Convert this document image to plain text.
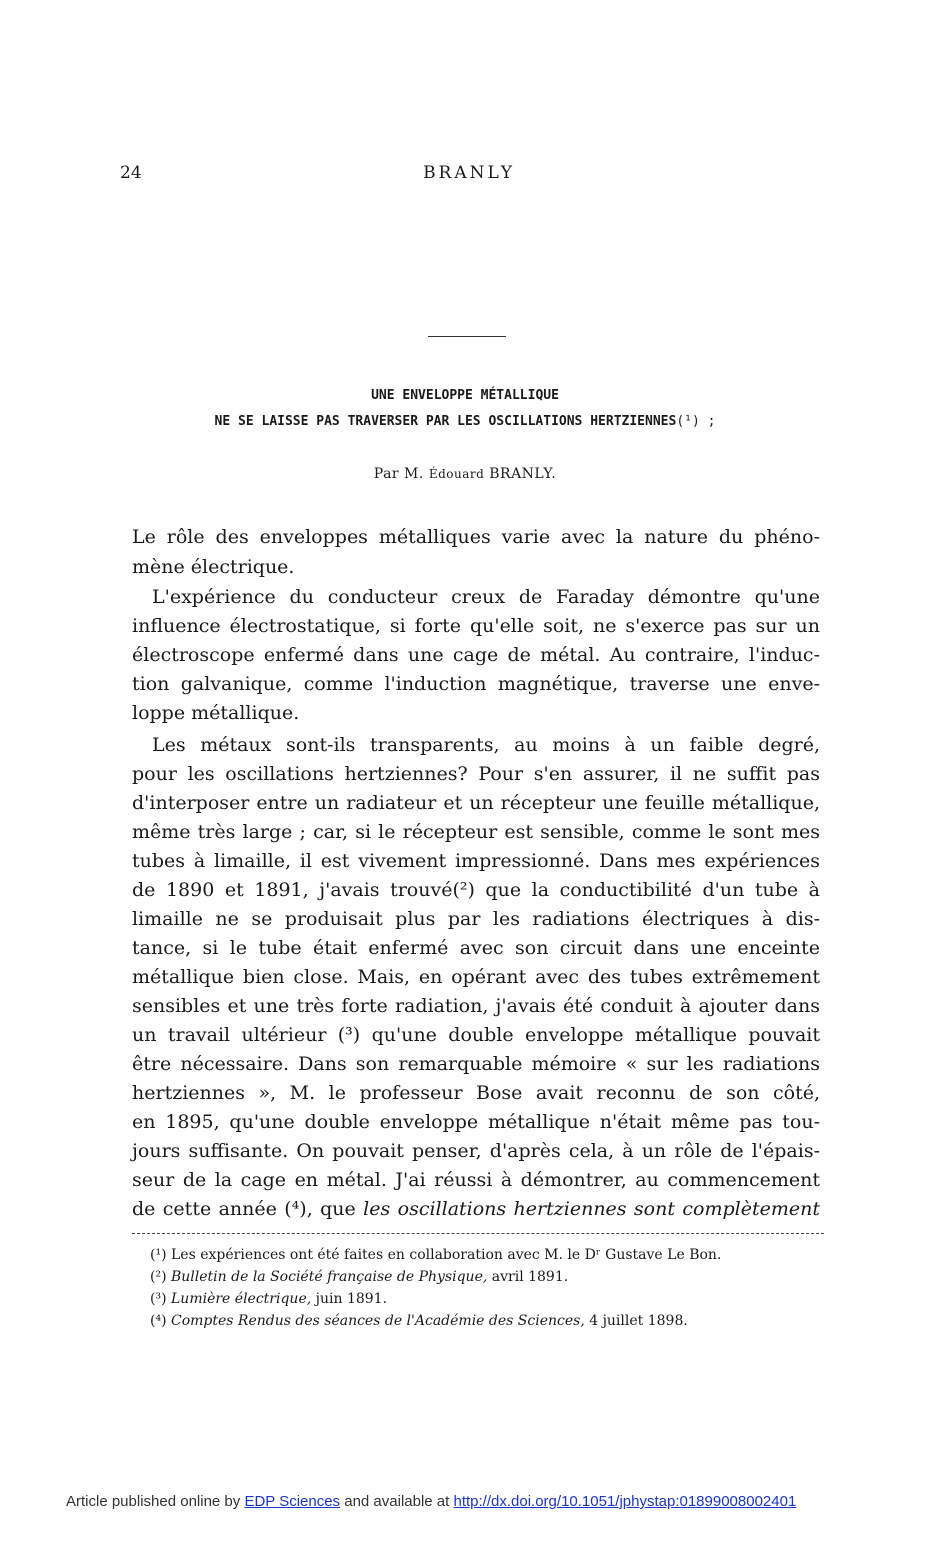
24	BRANLY
UNE ENVELOPPE MÉTALLIQUE
NE SE LAISSE PAS TRAVERSER PAR LES OSCILLATIONS HERTZIENNES(¹) ;
Par M. Édouard BRANLY.
Le rôle des enveloppes métalliques varie avec la nature du phéno-
mène électrique.
L'expérience du conducteur creux de Faraday démontre qu'une
influence électrostatique, si forte qu'elle soit, ne s'exerce pas sur un
électroscope enfermé dans une cage de métal. Au contraire, l'induc-
tion galvanique, comme l'induction magnétique, traverse une enve-
loppe métallique.
Les métaux sont-ils transparents, au moins à un faible degré,
pour les oscillations hertziennes? Pour s'en assurer, il ne suffit pas
d'interposer entre un radiateur et un récepteur une feuille métallique,
même très large ; car, si le récepteur est sensible, comme le sont mes
tubes à limaille, il est vivement impressionné. Dans mes expériences
de 1890 et 1891, j'avais trouvé(²) que la conductibilité d'un tube à
limaille ne se produisait plus par les radiations électriques à dis-
tance, si le tube était enfermé avec son circuit dans une enceinte
métallique bien close. Mais, en opérant avec des tubes extrêmement
sensibles et une très forte radiation, j'avais été conduit à ajouter dans
un travail ultérieur (³) qu'une double enveloppe métallique pouvait
être nécessaire. Dans son remarquable mémoire « sur les radiations
hertziennes », M. le professeur Bose avait reconnu de son côté,
en 1895, qu'une double enveloppe métallique n'était même pas tou-
jours suffisante. On pouvait penser, d'après cela, à un rôle de l'épais-
seur de la cage en métal. J'ai réussi à démontrer, au commencement
de cette année (⁴), que les oscillations hertziennes sont complètement
(¹) Les expériences ont été faites en collaboration avec M. le Dʳ Gustave Le Bon.
(²) Bulletin de la Société française de Physique, avril 1891.
(³) Lumière électrique, juin 1891.
(⁴) Comptes Rendus des séances de l'Académie des Sciences, 4 juillet 1898.
Article published online by EDP Sciences and available at http://dx.doi.org/10.1051/jphystap:01899008002401
